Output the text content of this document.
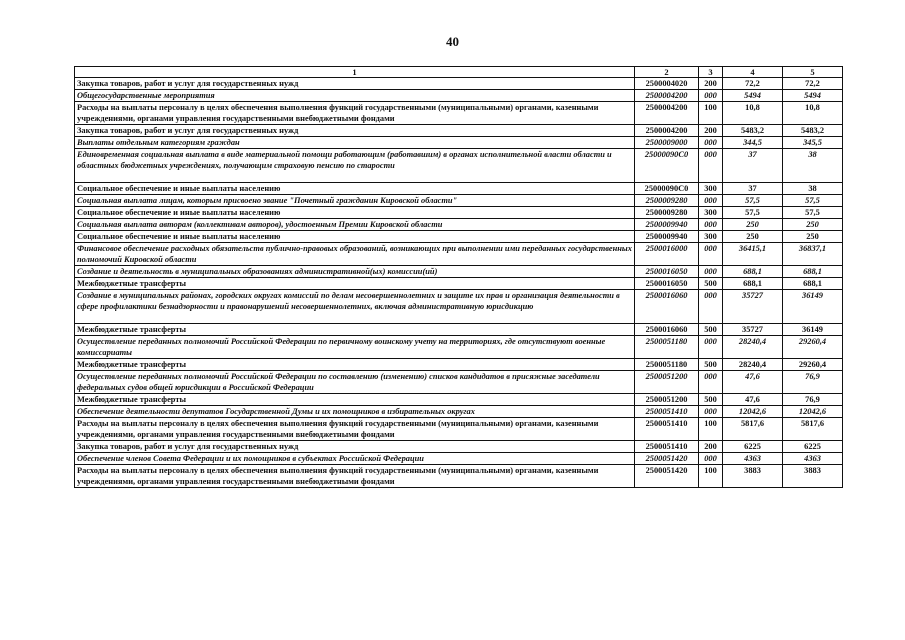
40
1	2	3	4	5
Закупка товаров, работ и услуг для государственных нужд	2500004020	200	72,2	72,2
Общегосударственные мероприятия	2500004200	000	5494	5494
Расходы на выплаты персоналу в целях обеспечения выполнения функций государственными (муниципальными) органами, казенными учреждениями, органами управления государственными внебюджетными фондами	2500004200	100	10,8	10,8
Закупка товаров, работ и услуг для государственных нужд	2500004200	200	5483,2	5483,2
Выплаты отдельным категориям граждан	2500009000	000	344,5	345,5
Единовременная социальная выплата в виде материальной помощи работающим (работавшим) в органах исполнительной власти области и областных бюджетных учреждениях, получающим страховую пенсию по старости	25000090С0	000	37	38
Социальное обеспечение и иные выплаты населению	25000090С0	300	37	38
Социальная выплата лицам, которым присвоено звание "Почетный гражданин Кировской области"	2500009280	000	57,5	57,5
Социальное обеспечение и иные выплаты населению	2500009280	300	57,5	57,5
Социальная выплата авторам (коллективам авторов), удостоенным Премии Кировской области	2500009940	000	250	250
Социальное обеспечение и иные выплаты населению	2500009940	300	250	250
Финансовое обеспечение расходных обязательств публично-правовых образований, возникающих при выполнении ими переданных государственных полномочий Кировской области	2500016000	000	36415,1	36837,1
Создание и деятельность в муниципальных образованиях административной(ых) комиссии(ий)	2500016050	000	688,1	688,1
Межбюджетные трансферты	2500016050	500	688,1	688,1
Создание в муниципальных районах, городских округах комиссий по делам несовершеннолетних и защите их прав и организация деятельности в сфере профилактики безнадзорности и правонарушений несовершеннолетних, включая административную юрисдикцию	2500016060	000	35727	36149
Межбюджетные трансферты	2500016060	500	35727	36149
Осуществление переданных полномочий Российской Федерации по первичному воинскому учету на территориях, где отсутствуют военные комиссариаты	2500051180	000	28240,4	29260,4
Межбюджетные трансферты	2500051180	500	28240,4	29260,4
Осуществление переданных полномочий Российской Федерации по составлению (изменению) списков кандидатов в присяжные заседатели федеральных судов общей юрисдикции в Российской Федерации	2500051200	000	47,6	76,9
Межбюджетные трансферты	2500051200	500	47,6	76,9
Обеспечение деятельности депутатов Государственной Думы и их помощников в избирательных округах	2500051410	000	12042,6	12042,6
Расходы на выплаты персоналу в целях обеспечения выполнения функций государственными (муниципальными) органами, казенными учреждениями, органами управления государственными внебюджетными фондами	2500051410	100	5817,6	5817,6
Закупка товаров, работ и услуг для государственных нужд	2500051410	200	6225	6225
Обеспечение членов Совета Федерации и их помощников в субъектах Российской Федерации	2500051420	000	4363	4363
Расходы на выплаты персоналу в целях обеспечения выполнения функций государственными (муниципальными) органами, казенными учреждениями, органами управления государственными внебюджетными фондами	2500051420	100	3883	3883
